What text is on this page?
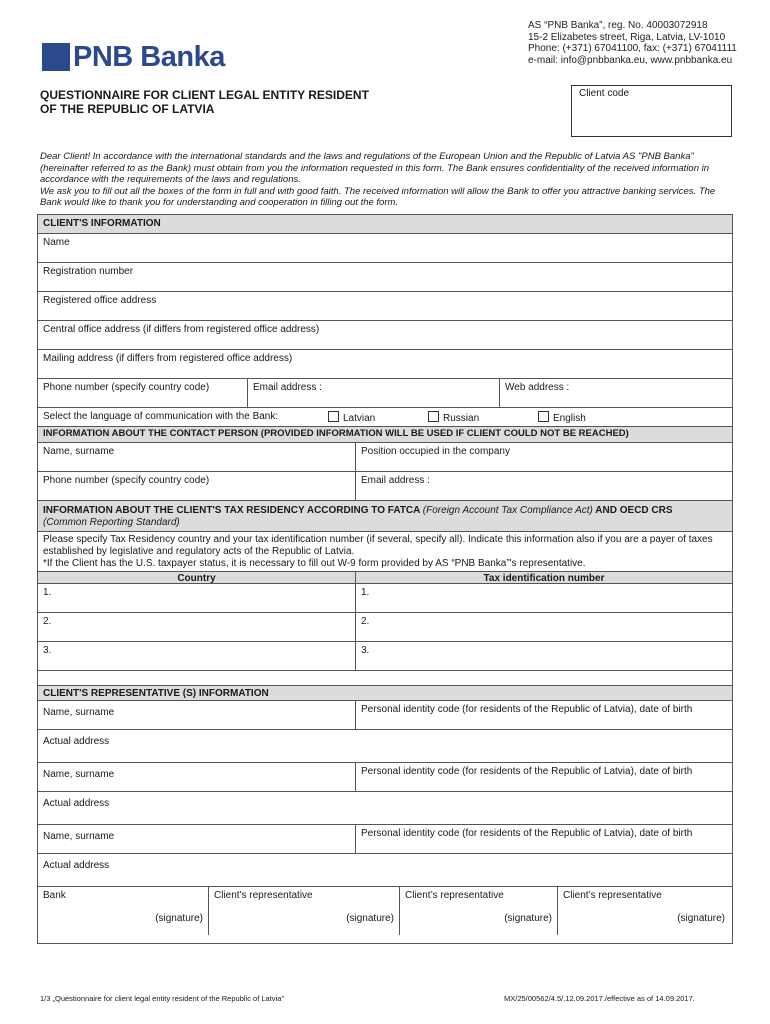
PNB Banka
AS “PNB Banka”, reg. No. 40003072918
15-2 Elizabetes street, Riga, Latvia, LV-1010
Phone: (+371) 67041100, fax: (+371) 67041111
e-mail: info@pnbbanka.eu, www.pnbbanka.eu
QUESTIONNAIRE FOR CLIENT LEGAL ENTITY RESIDENT
OF THE REPUBLIC OF LATVIA
Client code

Dear Client! In accordance with the international standards and the laws and regulations of the European Union and the Republic of Latvia AS "PNB Banka" (hereinafter referred to as the Bank) must obtain from you the information requested in this form. The Bank ensures confidentiality of the received information in accordance with the requirements of the laws and regulations.

We ask you to fill out all the boxes of the form in full and with good faith. The received information will allow the Bank to offer you attractive banking services. The Bank would like to thank you for understanding and cooperation in filling out the form.

CLIENT'S INFORMATION
Name
Registration number
Registered office address
Central office address (if differs from registered office address)
Mailing address (if differs from registered office address)
Phone number (specify country code)	Email address :	Web address :
Select the language of communication with the Bank:	Latvian	Russian	English
INFORMATION ABOUT THE CONTACT PERSON (PROVIDED INFORMATION WILL BE USED IF CLIENT COULD NOT BE REACHED)
Name, surname	Position occupied in the company
Phone number (specify country code)	Email address :
INFORMATION ABOUT THE CLIENT'S TAX RESIDENCY ACCORDING TO FATCA (Foreign Account Tax Compliance Act) AND OECD CRS
(Common Reporting Standard)
Please specify Tax Residency country and your tax identification number (if several, specify all). Indicate this information also if you are a payer of taxes established by legislative and regulatory acts of the Republic of Latvia.
*If the Client has the U.S. taxpayer status, it is necessary to fill out W-9 form provided by AS “PNB Banka”'s representative.
Country	Tax identification number
1.	1.
2.	2.
3.	3.
CLIENT'S REPRESENTATIVE (S) INFORMATION
Name, surname	Personal identity code (for residents of the Republic of Latvia), date of birth
Actual address
Name, surname	Personal identity code (for residents of the Republic of Latvia), date of birth
Actual address
Name, surname	Personal identity code (for residents of the Republic of Latvia), date of birth
Actual address
Bank
(signature)
Client's representative
(signature)
Client’s representative
(signature)
Client’s representative
(signature)
1/3 „Questionnaire for client legal entity resident of the Republic of Latvia”	MX/25/00562/4.5/.12.09.2017./effective as of 14.09.2017.
